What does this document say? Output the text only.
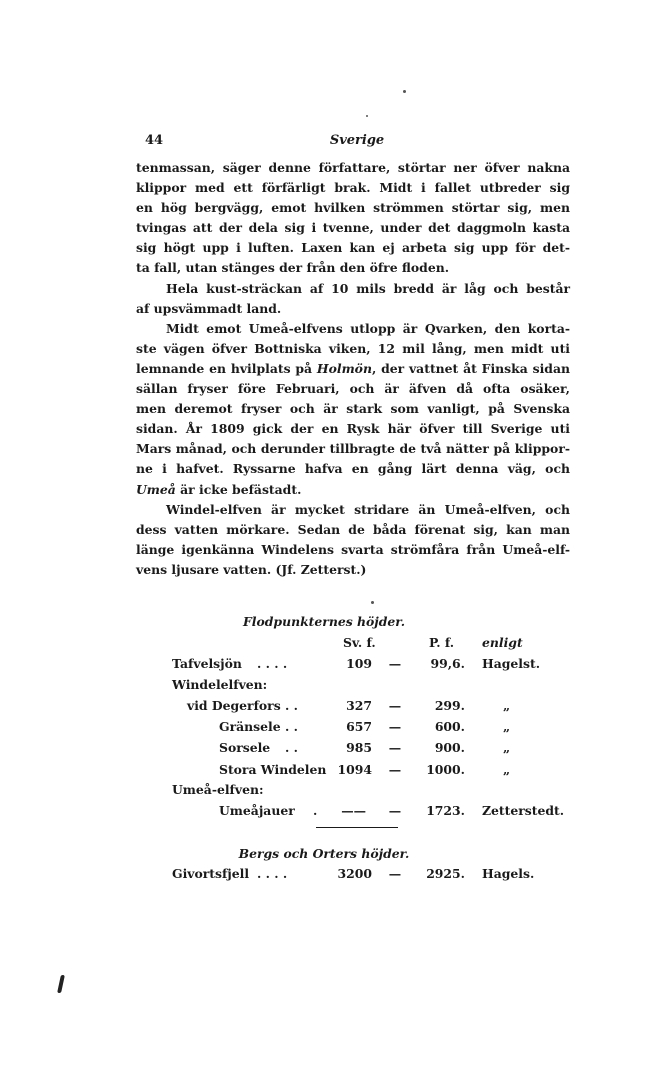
44	Sverige

tenmassan, säger denne författare, störtar ner öfver nakna

klippor med ett förfärligt brak. Midt i fallet utbreder sig

en hög bergvägg, emot hvilken strömmen störtar sig, men

tvingas att der dela sig i tvenne, under det daggmoln kasta

sig högt upp i luften. Laxen kan ej arbeta sig upp för det-

ta fall, utan stänges der från den öfre floden.

Hela kust-sträckan af 10 mils bredd är låg och består

af upsvämmadt land.

Midt emot Umeå-elfvens utlopp är Qvarken, den korta-

ste vägen öfver Bottniska viken, 12 mil lång, men midt uti

lemnande en hvilplats på Holmön, der vattnet åt Finska sidan

sällan fryser före Februari, och är äfven då ofta osäker,

men deremot fryser och är stark som vanligt, på Svenska

sidan. År 1809 gick der en Rysk här öfver till Sverige uti

Mars månad, och derunder tillbragte de två nätter på klippor-

ne i hafvet. Ryssarne hafva en gång lärt denna väg, och

Umeå är icke befästadt.

Windel-elfven är mycket stridare än Umeå-elfven, och

dess vatten mörkare. Sedan de båda förenat sig, kan man

länge igenkänna Windelens svarta strömfåra från Umeå-elf-

vens ljusare vatten. (Jf. Zetterst.)

Flodpunkternes höjder.
Sv. f.	P. f. enligt
Tafvelsjön . . . .	109 — 99,6. Hagelst.
Windelelfven:
vid Degerfors . .	327 —	299.	„
Gränsele . .	657 —	600.	„
Sorsele . .	985 —	900.	„
Stora Windelen 1094 — 1000.	„
Umeå-elfven:
Umeåjauer . —— — 1723. Zetterstedt.
Bergs och Orters höjder.
Givortsfjell . . . .	3200 — 2925. Hagels.
